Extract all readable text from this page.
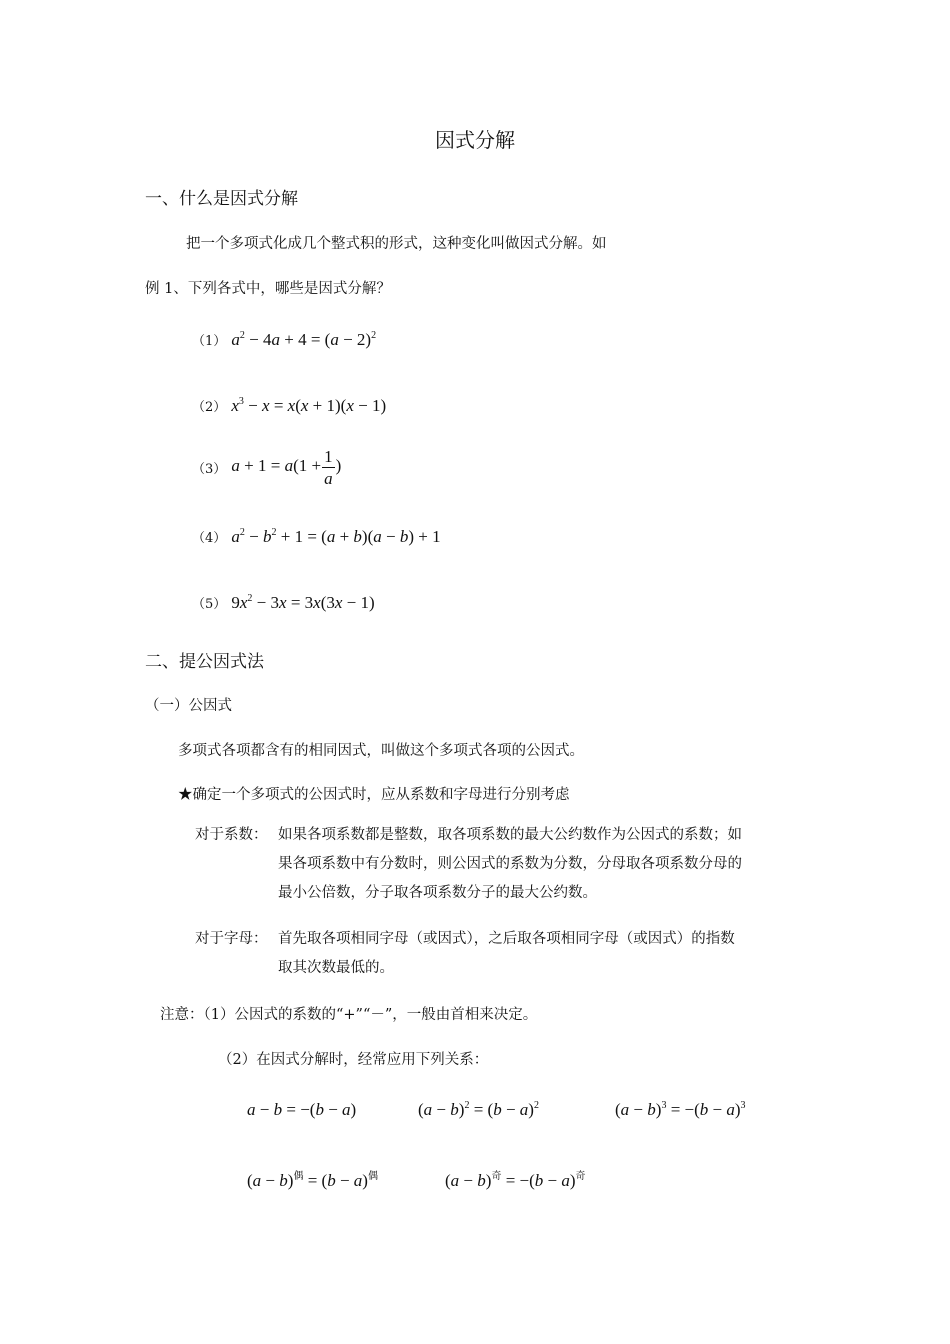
因式分解
一、什么是因式分解
把一个多项式化成几个整式积的形式，这种变化叫做因式分解。如
例 1、下列各式中，哪些是因式分解？
（1） $a^2 - 4a + 4 = (a - 2)^2$
（2） $x^3 - x = x(x + 1)(x - 1)$
（3） $a + 1 = a(1 + \frac{1}{a}$ )
（4） $a^2 - b^2 + 1 = (a + b)(a - b) + 1$
（5） $9x^2 - 3x = 3x(3x - 1)$
二、提公因式法
（一）公因式
多项式各项都含有的相同因式，叫做这个多项式各项的公因式。
★确定一个多项式的公因式时，应从系数和字母进行分别考虑
对于系数： 如果各项系数都是整数，取各项系数的最大公约数作为公因式的系数；如
果各项系数中有分数时，则公因式的系数为分数，分母取各项系数分母的
最小公倍数，分子取各项系数分子的最大公约数。
对于字母： 首先取各项相同字母（或因式），之后取各项相同字母（或因式）的指数
取其次数最低的。
注意：（1）公因式的系数的“+”“－”，一般由首相来决定。
（2）在因式分解时，经常应用下列关系：
a − b = −(b − a)	$(a - b)^2 = (b - a)^2$	$(a - b)^3 = -(b - a)^3$
$(a - b)^偶 = (b - a)^偶$	$(a - b)^奇 = -(b - a)^奇$
